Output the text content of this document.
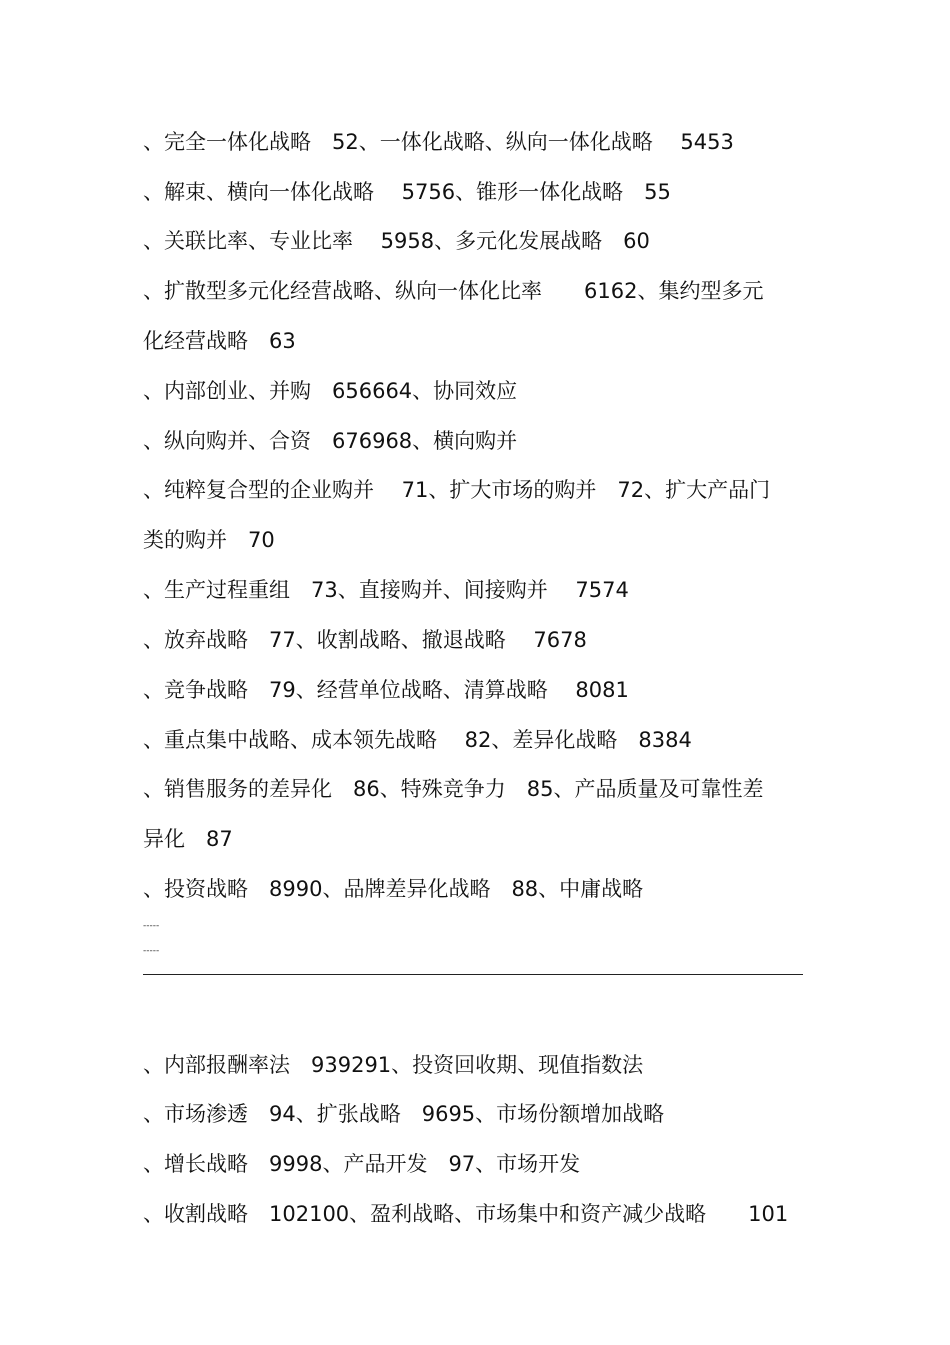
、完全一体化战略　52、一体化战略、纵向一体化战略　 5453
、解束、横向一体化战略　 5756、锥形一体化战略　55
、关联比率、专业比率　 5958、多元化发展战略　60
、扩散型多元化经营战略、纵向一体化比率　　6162、集约型多元
化经营战略　63
、内部创业、并购　656664、协同效应
、纵向购并、合资　676968、横向购并
、纯粹复合型的企业购并　 71、扩大市场的购并　72、扩大产品门
类的购并　70
、生产过程重组　73、直接购并、间接购并　 7574
、放弃战略　77、收割战略、撤退战略　 7678
、竞争战略　79、经营单位战略、清算战略　 8081
、重点集中战略、成本领先战略　 82、差异化战略　8384
、销售服务的差异化　86、特殊竞争力　85、产品质量及可靠性差
异化　87
、投资战略　8990、品牌差异化战略　88、中庸战略
-----
-----
、内部报酬率法　939291、投资回收期、现值指数法
、市场渗透　94、扩张战略　9695、市场份额增加战略
、增长战略　9998、产品开发　97、市场开发
、收割战略　102100、盈利战略、市场集中和资产减少战略　　101
